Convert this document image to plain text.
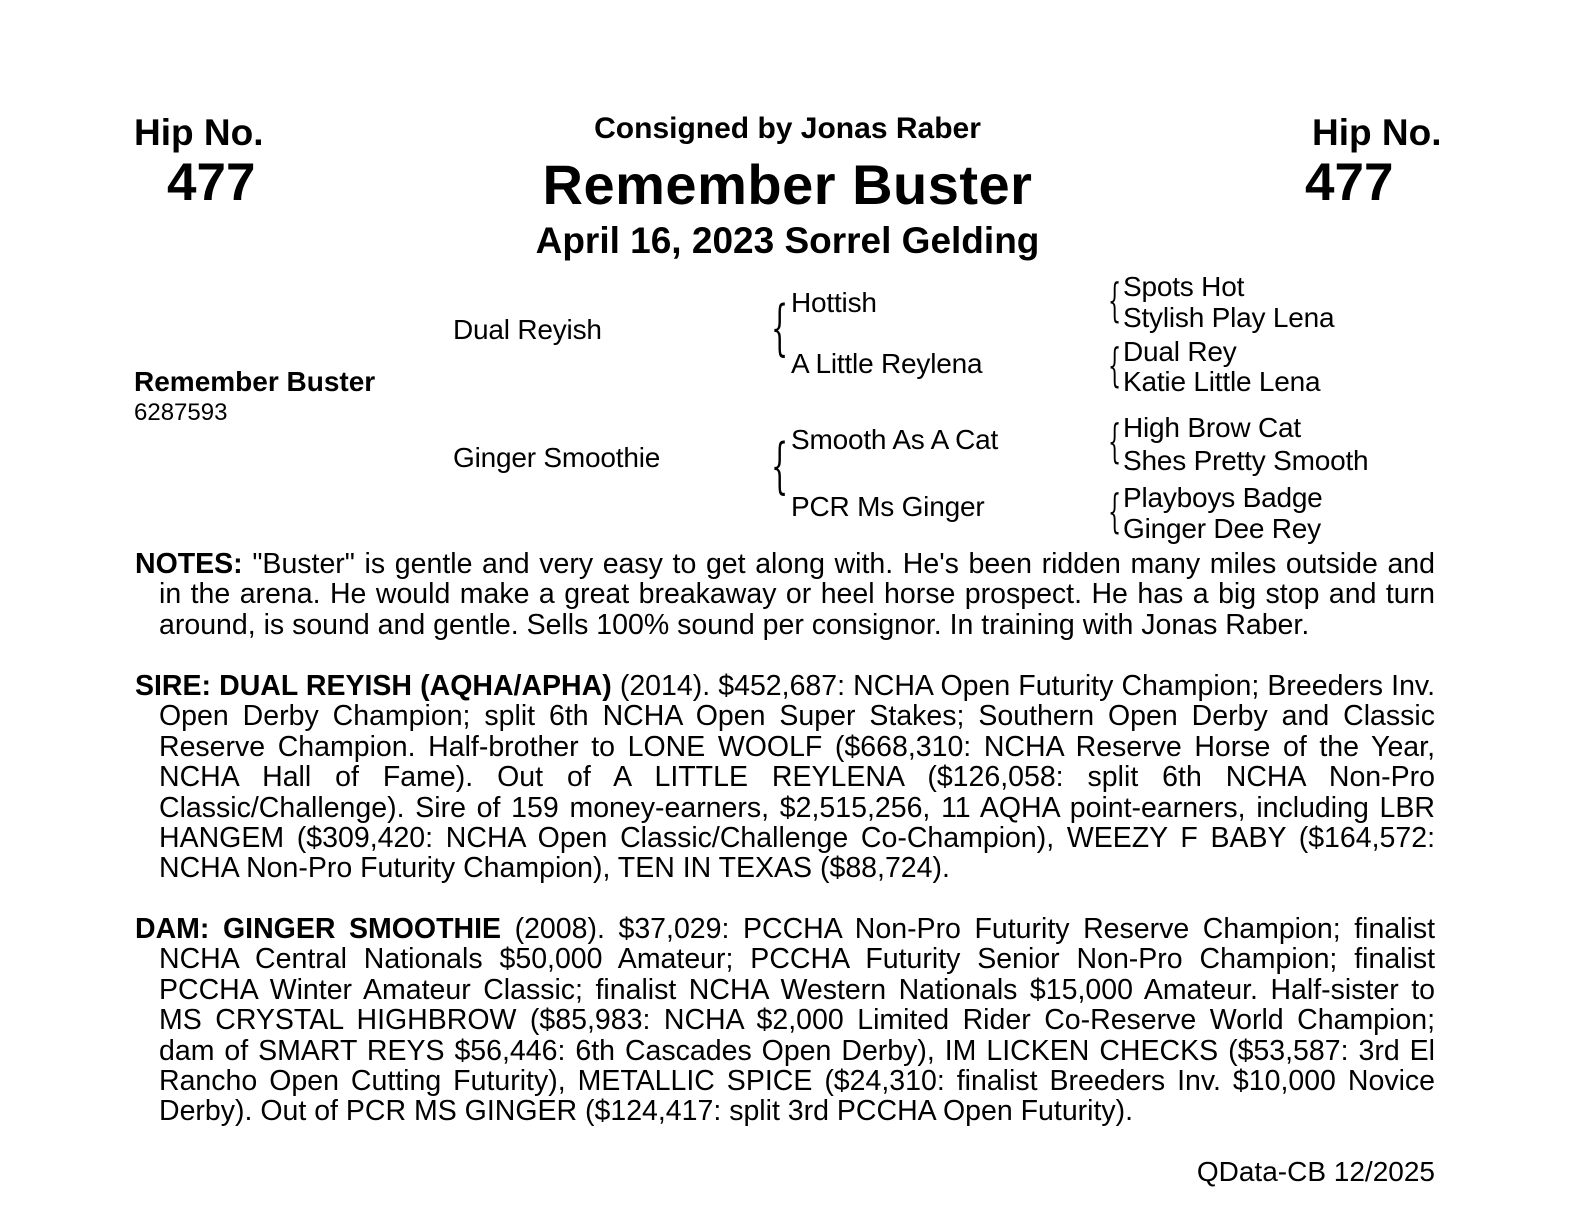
Hip No.
477
Hip No.
477
Consigned by Jonas Raber
Remember Buster
April 16, 2023 Sorrel Gelding
Remember Buster
6287593
Dual Reyish
Ginger Smoothie
{ Hottish
A Little Reylena
{ Smooth As A Cat
PCR Ms Ginger
{ Spots Hot
Stylish Play Lena
{ Dual Rey
Katie Little Lena
{ High Brow Cat
Shes Pretty Smooth
{ Playboys Badge
Ginger Dee Rey
NOTES: "Buster" is gentle and very easy to get along with. He's been ridden many miles outside and in the arena. He would make a great breakaway or heel horse prospect. He has a big stop and turn around, is sound and gentle. Sells 100% sound per consignor. In training with Jonas Raber.
SIRE: DUAL REYISH (AQHA/APHA) (2014). $452,687: NCHA Open Futurity Champion; Breeders Inv. Open Derby Champion; split 6th NCHA Open Super Stakes; Southern Open Derby and Classic Reserve Champion. Half-brother to LONE WOOLF ($668,310: NCHA Reserve Horse of the Year, NCHA Hall of Fame). Out of A LITTLE REYLENA ($126,058: split 6th NCHA Non-Pro Classic/Challenge). Sire of 159 money-earners, $2,515,256, 11 AQHA point-earners, including LBR HANGEM ($309,420: NCHA Open Classic/Challenge Co-Champion), WEEZY F BABY ($164,572: NCHA Non-Pro Futurity Champion), TEN IN TEXAS ($88,724).
DAM: GINGER SMOOTHIE (2008). $37,029: PCCHA Non-Pro Futurity Reserve Champion; finalist NCHA Central Nationals $50,000 Amateur; PCCHA Futurity Senior Non-Pro Champion; finalist PCCHA Winter Amateur Classic; finalist NCHA Western Nationals $15,000 Amateur. Half-sister to MS CRYSTAL HIGHBROW ($85,983: NCHA $2,000 Limited Rider Co-Reserve World Champion; dam of SMART REYS $56,446: 6th Cascades Open Derby), IM LICKEN CHECKS ($53,587: 3rd El Rancho Open Cutting Futurity), METALLIC SPICE ($24,310: finalist Breeders Inv. $10,000 Novice Derby). Out of PCR MS GINGER ($124,417: split 3rd PCCHA Open Futurity).
QData-CB 12/2025
